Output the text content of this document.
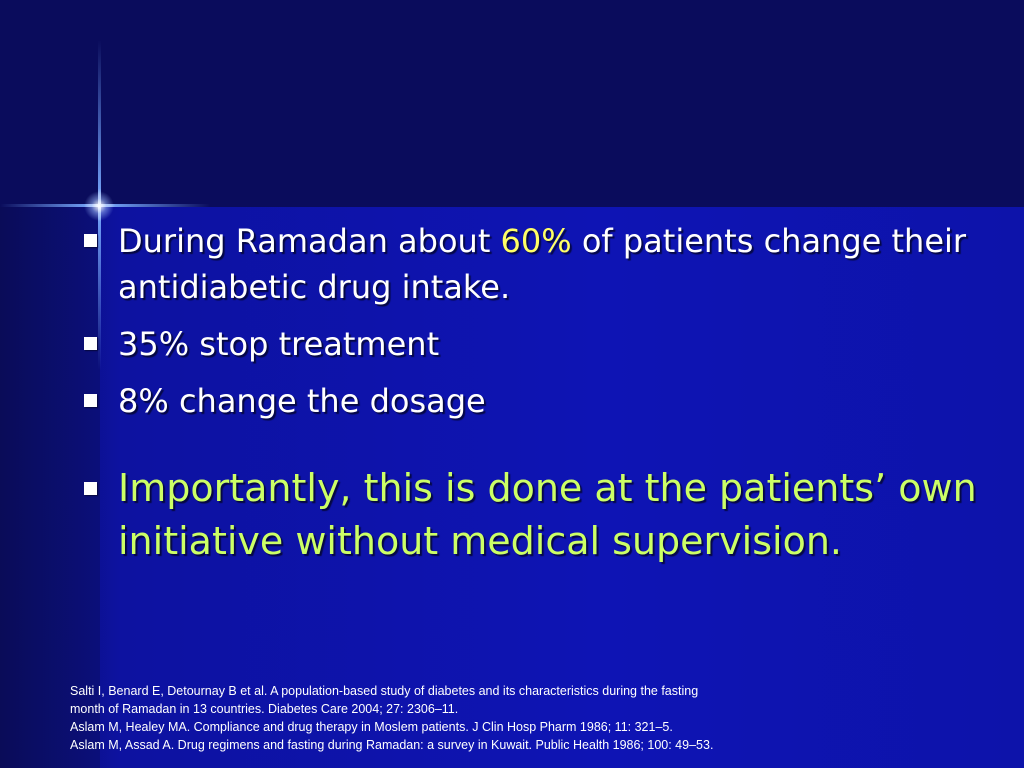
During Ramadan about 60% of patients change their antidiabetic drug intake.
35% stop treatment
8% change the dosage
Importantly, this is done at the patients’ own initiative without medical supervision.
Salti I, Benard E, Detournay B et al. A population-based study of diabetes and its characteristics during the fasting
month of Ramadan in 13 countries. Diabetes Care 2004; 27: 2306–11.
Aslam M, Healey MA. Compliance and drug therapy in Moslem patients. J Clin Hosp Pharm 1986; 11: 321–5.
Aslam M, Assad A. Drug regimens and fasting during Ramadan: a survey in Kuwait. Public Health 1986; 100: 49–53.
